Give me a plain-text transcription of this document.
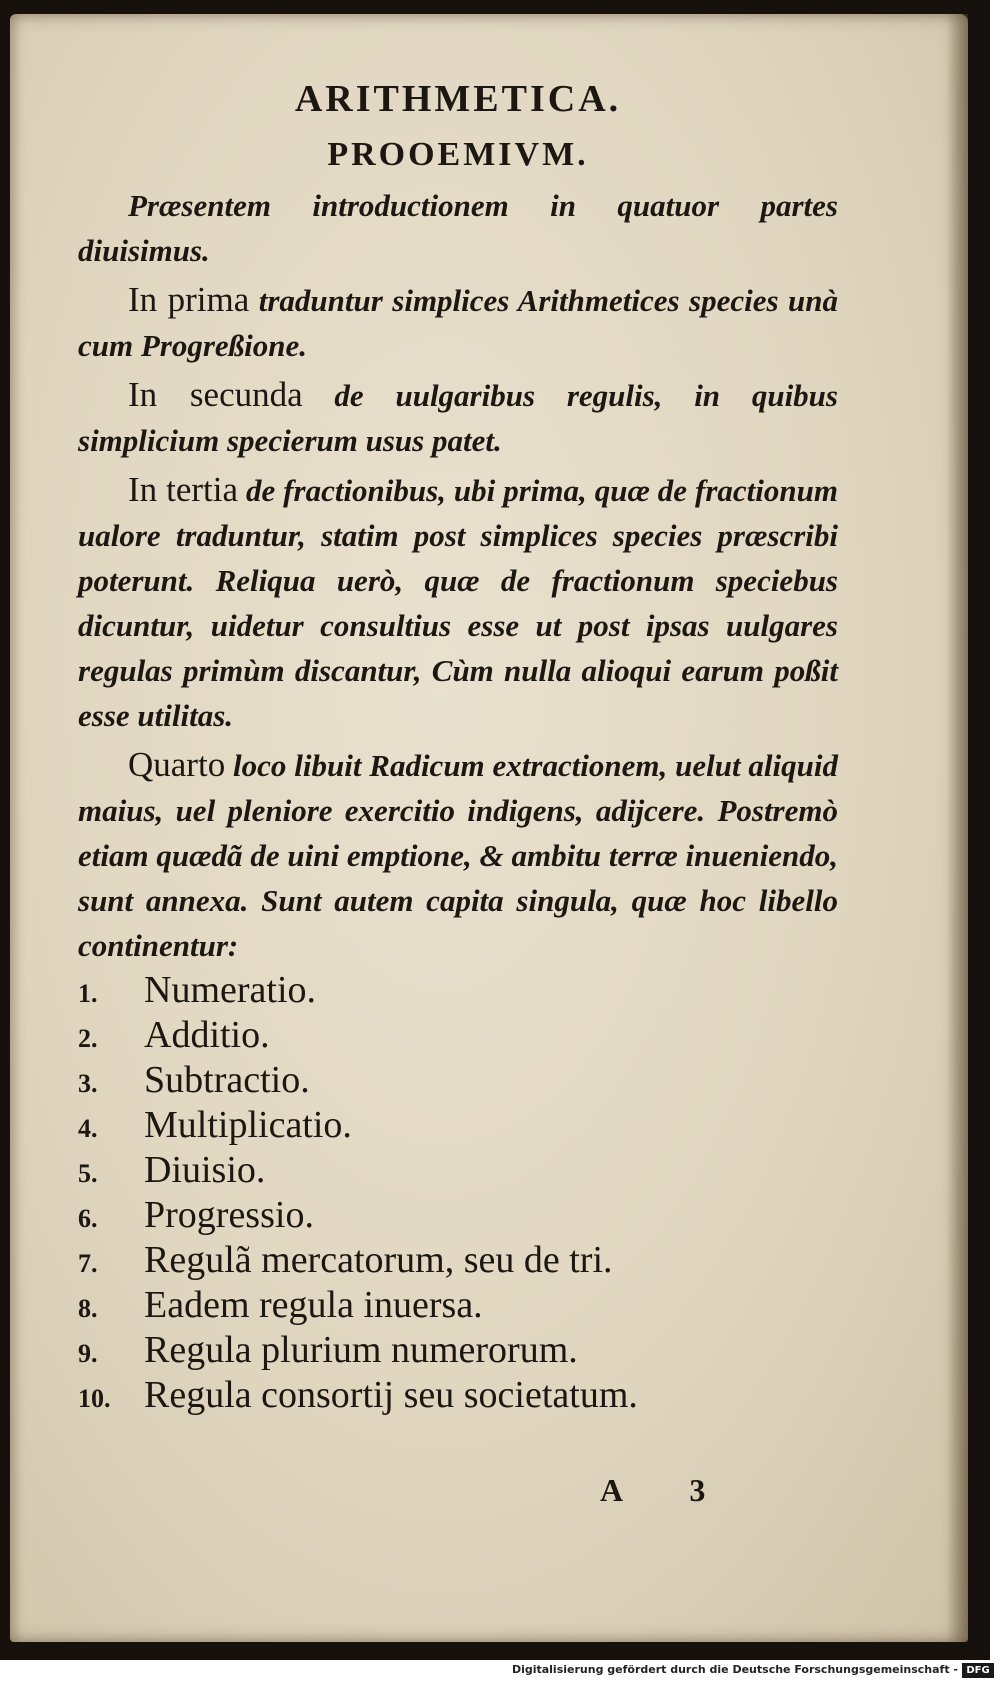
ARITHMETICA.
PROOEMIVM.

Præsentem introductionem in quatuor partes diuisimus.

In prima traduntur simplices Arithmetices species unà cum Progreßione.

In secunda de uulgaribus regulis, in quibus simplicium specierum usus patet.

In tertia de fractionibus, ubi prima, quæ de fractionum ualore traduntur, statim post simplices species præscribi poterunt. Reliqua uerò, quæ de fractionum speciebus dicuntur, uidetur consultius esse ut post ipsas uulgares regulas primùm discantur, Cùm nulla alioqui earum poßit esse utilitas.

Quarto loco libuit Radicum extractionem, uelut aliquid maius, uel pleniore exercitio indigens, adijcere. Postremò etiam quædã de uini emptione, & ambitu terræ inueniendo, sunt annexa. Sunt autem capita singula, quæ hoc libello continentur:

1.	Numeratio.
2.	Additio.
3.	Subtractio.
4.	Multiplicatio.
5.	Diuisio.
6.	Progressio.
7.	Regulã mercatorum, seu de tri.
8.	Eadem regula inuersa.
9.	Regula plurium numerorum.
10. Regula consortij seu societatum.
A 3
Digitalisierung gefördert durch die Deutsche Forschungsgemeinschaft - DFG
